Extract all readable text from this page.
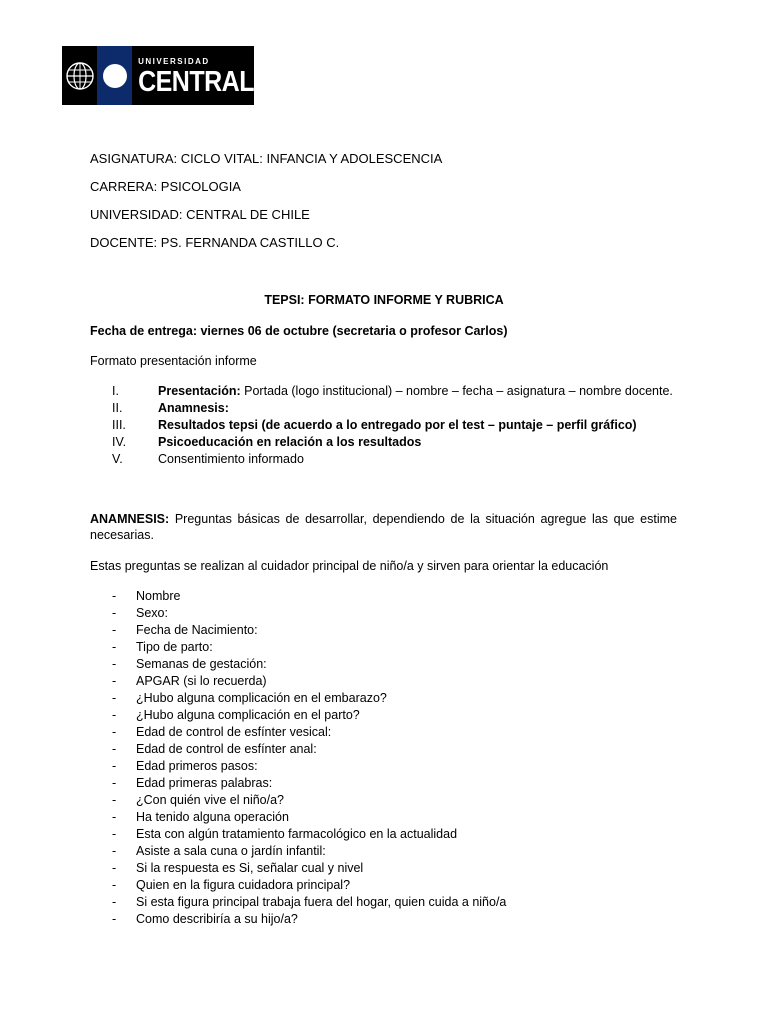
UNIVERSIDAD
CENTRAL
ASIGNATURA: CICLO VITAL: INFANCIA Y ADOLESCENCIA
CARRERA: PSICOLOGIA
UNIVERSIDAD: CENTRAL DE CHILE
DOCENTE: PS. FERNANDA CASTILLO C.
TEPSI: FORMATO INFORME Y RUBRICA
Fecha de entrega: viernes 06 de octubre (secretaria o profesor Carlos)
Formato presentación informe
I.	Presentación: Portada (logo institucional) – nombre – fecha – asignatura – nombre docente.
II.	Anamnesis:
III.	Resultados tepsi (de acuerdo a lo entregado por el test – puntaje – perfil gráfico)
IV.	Psicoeducación en relación a los resultados
V.	Consentimiento informado
ANAMNESIS: Preguntas básicas de desarrollar, dependiendo de la situación agregue las que estime necesarias.
Estas preguntas se realizan al cuidador principal de niño/a y sirven para orientar la educación
- Nombre
- Sexo:
- Fecha de Nacimiento:
- Tipo de parto:
- Semanas de gestación:
- APGAR (si lo recuerda)
- ¿Hubo alguna complicación en el embarazo?
- ¿Hubo alguna complicación en el parto?
- Edad de control de esfínter vesical:
- Edad de control de esfínter anal:
- Edad primeros pasos:
- Edad primeras palabras:
- ¿Con quién vive el niño/a?
- Ha tenido alguna operación
- Esta con algún tratamiento farmacológico en la actualidad
- Asiste a sala cuna o jardín infantil:
- Si la respuesta es Si, señalar cual y nivel
- Quien en la figura cuidadora principal?
- Si esta figura principal trabaja fuera del hogar, quien cuida a niño/a
- Como describiría a su hijo/a?
